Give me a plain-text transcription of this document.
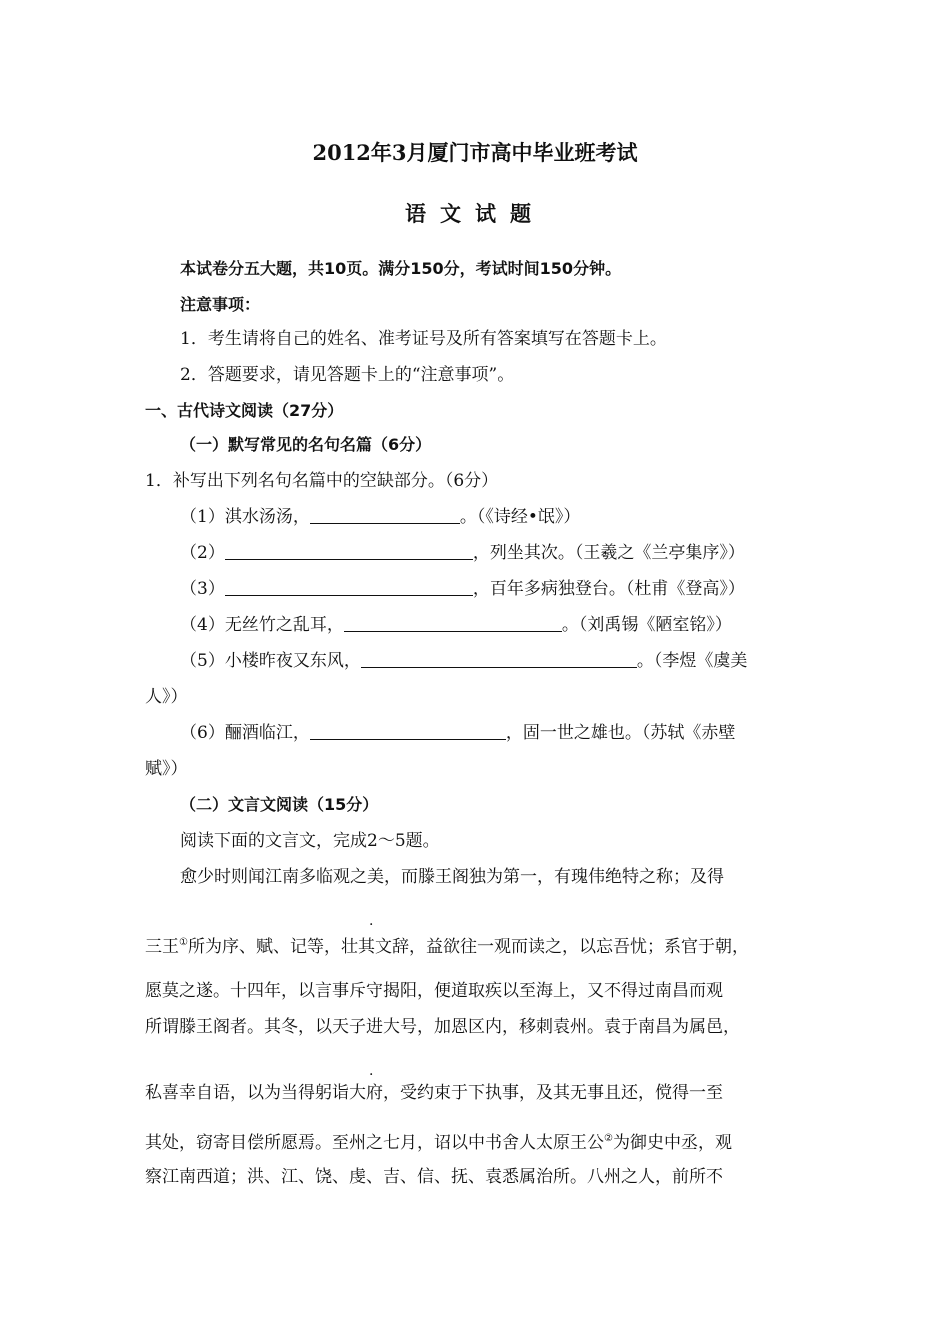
2012年3月厦门市高中毕业班考试
语文试题
本试卷分五大题，共10页。满分150分，考试时间150分钟。
注意事项：
1．考生请将自己的姓名、准考证号及所有答案填写在答题卡上。
2．答题要求，请见答题卡上的“注意事项”。
一、古代诗文阅读（27分）
（一）默写常见的名句名篇（6分）
1．补写出下列名句名篇中的空缺部分。（6分）
（1）淇水汤汤，	。（《诗经•氓》）
（2）	，列坐其次。（王羲之《兰亭集序》）
（3）	，百年多病独登台。（杜甫《登高》）
（4）无丝竹之乱耳，	。（刘禹锡《陋室铭》）
（5）小楼昨夜又东风，	。（李煜《虞美
人》）
（6）酾酒临江，	，固一世之雄也。（苏轼《赤壁
赋》）
（二）文言文阅读（15分）
阅读下面的文言文，完成2～5题。
愈少时则闻江南多临观之美，而滕王阁独为第一，有瑰伟绝特之称；及得
·
三王①所为序、赋、记等，壮其文辞，益欲往一观而读之，以忘吾忧；系官于朝，
愿莫之遂。十四年，以言事斥守揭阳，便道取疾以至海上，又不得过南昌而观
所谓滕王阁者。其冬，以天子进大号，加恩区内，移刺袁州。袁于南昌为属邑，
·
私喜幸自语，以为当得躬诣大府，受约束于下执事，及其无事且还，傥得一至
其处，窃寄目偿所愿焉。至州之七月，诏以中书舍人太原王公②为御史中丞，观
察江南西道；洪、江、饶、虔、吉、信、抚、袁悉属治所。八州之人，前所不
